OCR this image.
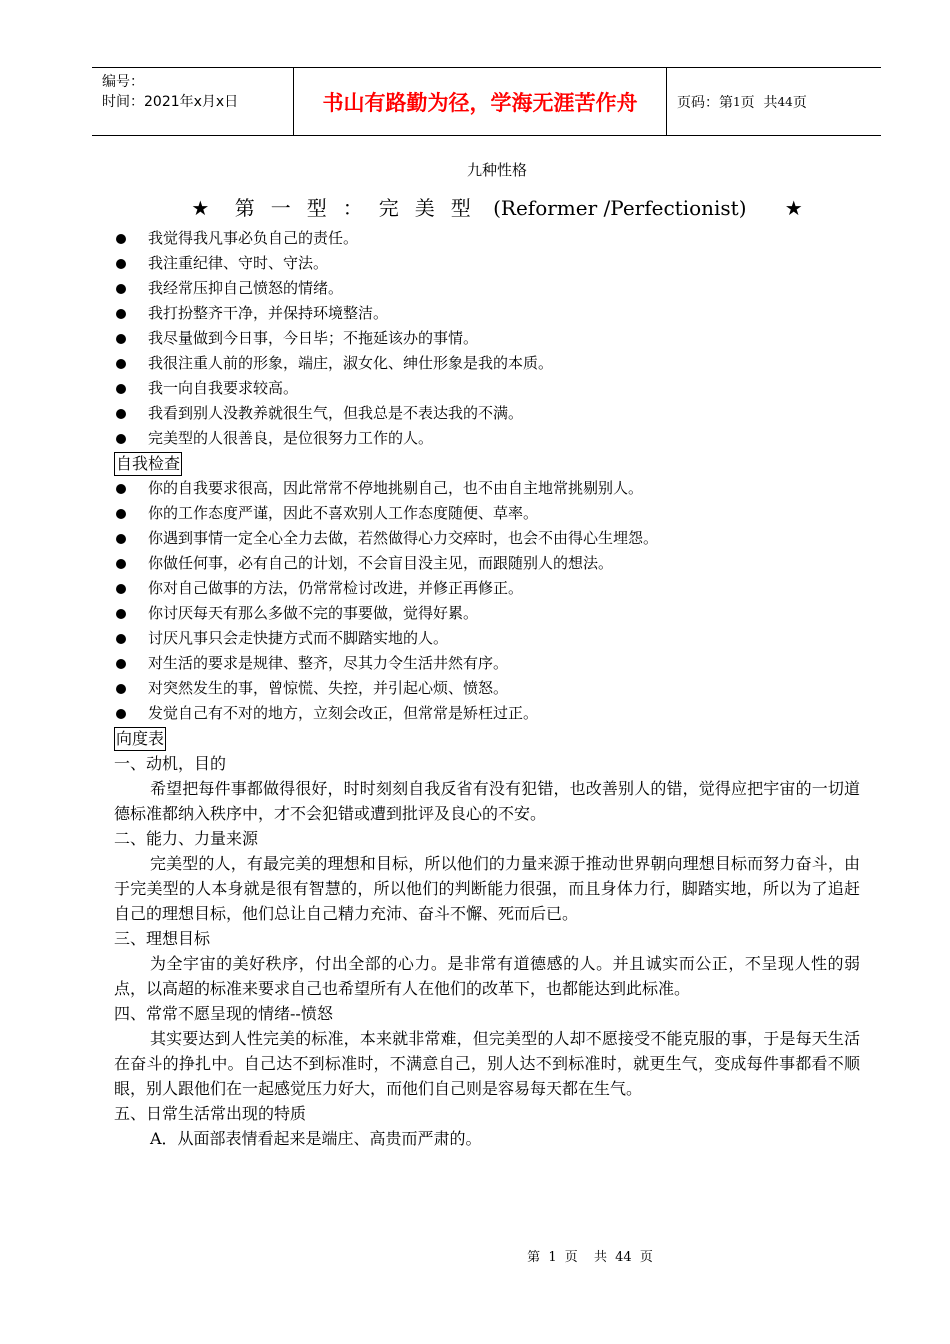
编号：
时间：2021年x月x日	书山有路勤为径，学海无涯苦作舟	页码：第 1 页  共 44 页
九种性格
★ 第一型：完美型 (Reformer /Perfectionist) ★
我觉得我凡事必负自己的责任。
我注重纪律、守时、守法。
我经常压抑自己愤怒的情绪。
我打扮整齐干净，并保持环境整洁。
我尽量做到今日事，今日毕；不拖延该办的事情。
我很注重人前的形象，端庄，淑女化、绅仕形象是我的本质。
我一向自我要求较高。
我看到别人没教养就很生气，但我总是不表达我的不满。
完美型的人很善良，是位很努力工作的人。
自我检查
你的自我要求很高，因此常常不停地挑剔自己，也不由自主地常挑剔别人。
你的工作态度严谨，因此不喜欢别人工作态度随便、草率。
你遇到事情一定全心全力去做，若然做得心力交瘁时，也会不由得心生埋怨。
你做任何事，必有自己的计划，不会盲目没主见，而跟随别人的想法。
你对自己做事的方法，仍常常检讨改进，并修正再修正。
你讨厌每天有那么多做不完的事要做，觉得好累。
讨厌凡事只会走快捷方式而不脚踏实地的人。
对生活的要求是规律、整齐，尽其力令生活井然有序。
对突然发生的事，曾惊慌、失控，并引起心烦、愤怒。
发觉自己有不对的地方，立刻会改正，但常常是矫枉过正。
向度表

一、动机，目的

希望把每件事都做得很好，时时刻刻自我反省有没有犯错，也改善别人的错，觉得应把宇宙的一切道德标准都纳入秩序中，才不会犯错或遭到批评及良心的不安。

二、能力、力量来源

完美型的人，有最完美的理想和目标，所以他们的力量来源于推动世界朝向理想目标而努力奋斗，由于完美型的人本身就是很有智慧的，所以他们的判断能力很强，而且身体力行，脚踏实地，所以为了追赶自己的理想目标，他们总让自己精力充沛、奋斗不懈、死而后已。

三、理想目标

为全宇宙的美好秩序，付出全部的心力。是非常有道德感的人。并且诚实而公正，不呈现人性的弱点，以高超的标准来要求自己也希望所有人在他们的改革下，也都能达到此标准。

四、常常不愿呈现的情绪--愤怒

其实要达到人性完美的标准，本来就非常难，但完美型的人却不愿接受不能克服的事，于是每天生活在奋斗的挣扎中。自己达不到标准时，不满意自己，别人达不到标准时，就更生气，变成每件事都看不顺眼，别人跟他们在一起感觉压力好大，而他们自己则是容易每天都在生气。

五、日常生活常出现的特质

A．从面部表情看起来是端庄、高贵而严肃的。

第 1 页  共 44 页
